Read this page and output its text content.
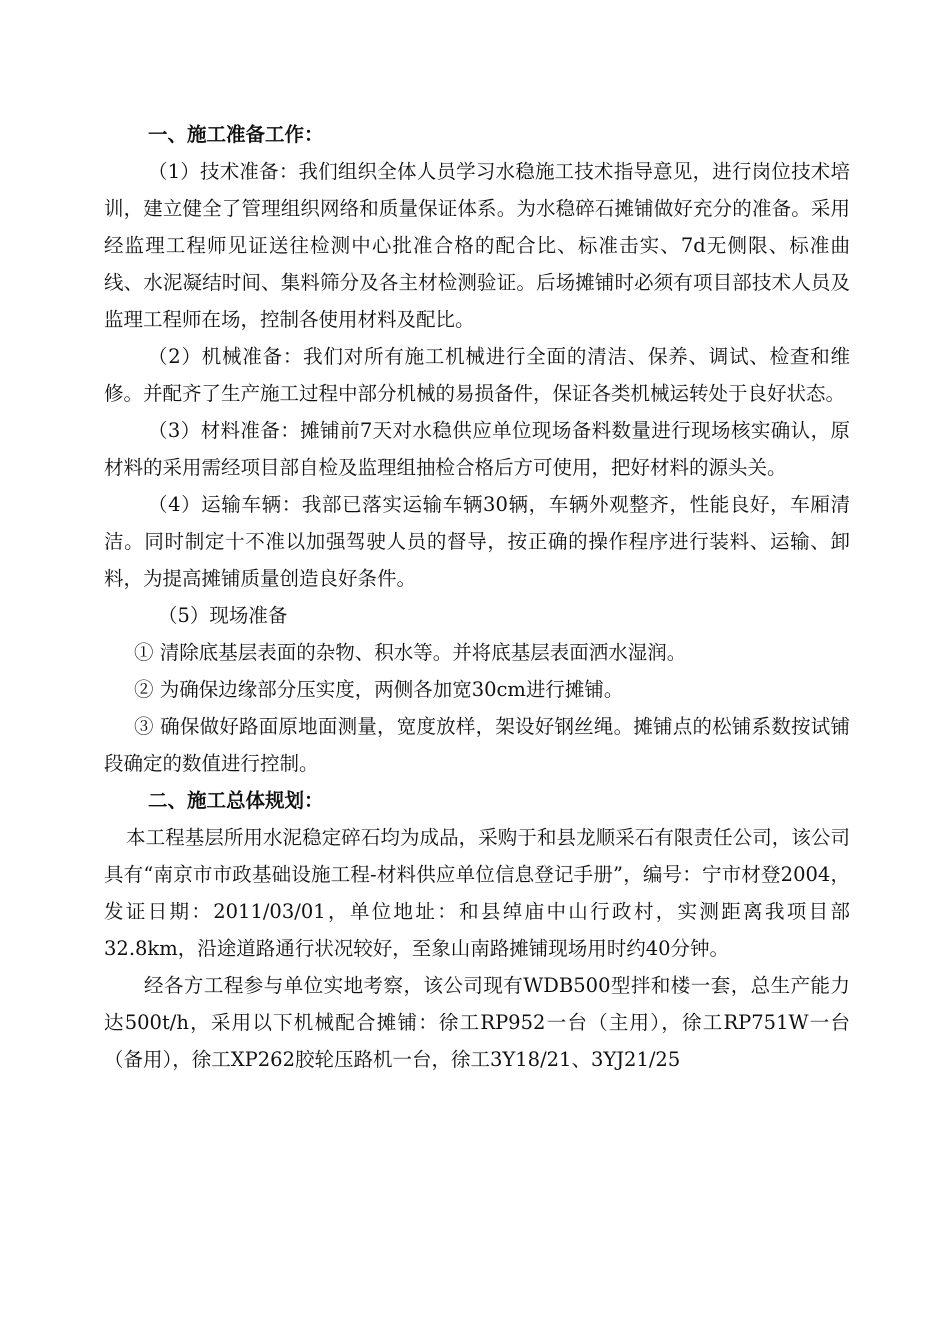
一、施工准备工作：

（1）技术准备：我们组织全体人员学习水稳施工技术指导意见，进行岗位技术培训，建立健全了管理组织网络和质量保证体系。为水稳碎石摊铺做好充分的准备。采用经监理工程师见证送往检测中心批准合格的配合比、标准击实、7d无侧限、标准曲线、水泥凝结时间、集料筛分及各主材检测验证。后场摊铺时必须有项目部技术人员及监理工程师在场，控制各使用材料及配比。

（2）机械准备：我们对所有施工机械进行全面的清洁、保养、调试、检查和维修。并配齐了生产施工过程中部分机械的易损备件，保证各类机械运转处于良好状态。

（3）材料准备：摊铺前7天对水稳供应单位现场备料数量进行现场核实确认，原材料的采用需经项目部自检及监理组抽检合格后方可使用，把好材料的源头关。

（4）运输车辆：我部已落实运输车辆30辆，车辆外观整齐，性能良好，车厢清洁。同时制定十不准以加强驾驶人员的督导，按正确的操作程序进行装料、运输、卸料，为提高摊铺质量创造良好条件。

（5）现场准备

① 清除底基层表面的杂物、积水等。并将底基层表面洒水湿润。

② 为确保边缘部分压实度，两侧各加宽30cm进行摊铺。

③ 确保做好路面原地面测量，宽度放样，架设好钢丝绳。摊铺点的松铺系数按试铺段确定的数值进行控制。

二、施工总体规划：

本工程基层所用水泥稳定碎石均为成品，采购于和县龙顺采石有限责任公司，该公司具有“南京市市政基础设施工程-材料供应单位信息登记手册”，编号：宁市材登2004，发证日期：2011/03/01，单位地址：和县绰庙中山行政村，实测距离我项目部32.8km，沿途道路通行状况较好，至象山南路摊铺现场用时约40分钟。

经各方工程参与单位实地考察，该公司现有WDB500型拌和楼一套，总生产能力达500t/h，采用以下机械配合摊铺：徐工RP952一台（主用），徐工RP751W一台（备用），徐工XP262胶轮压路机一台，徐工3Y18/21、3YJ21/25
